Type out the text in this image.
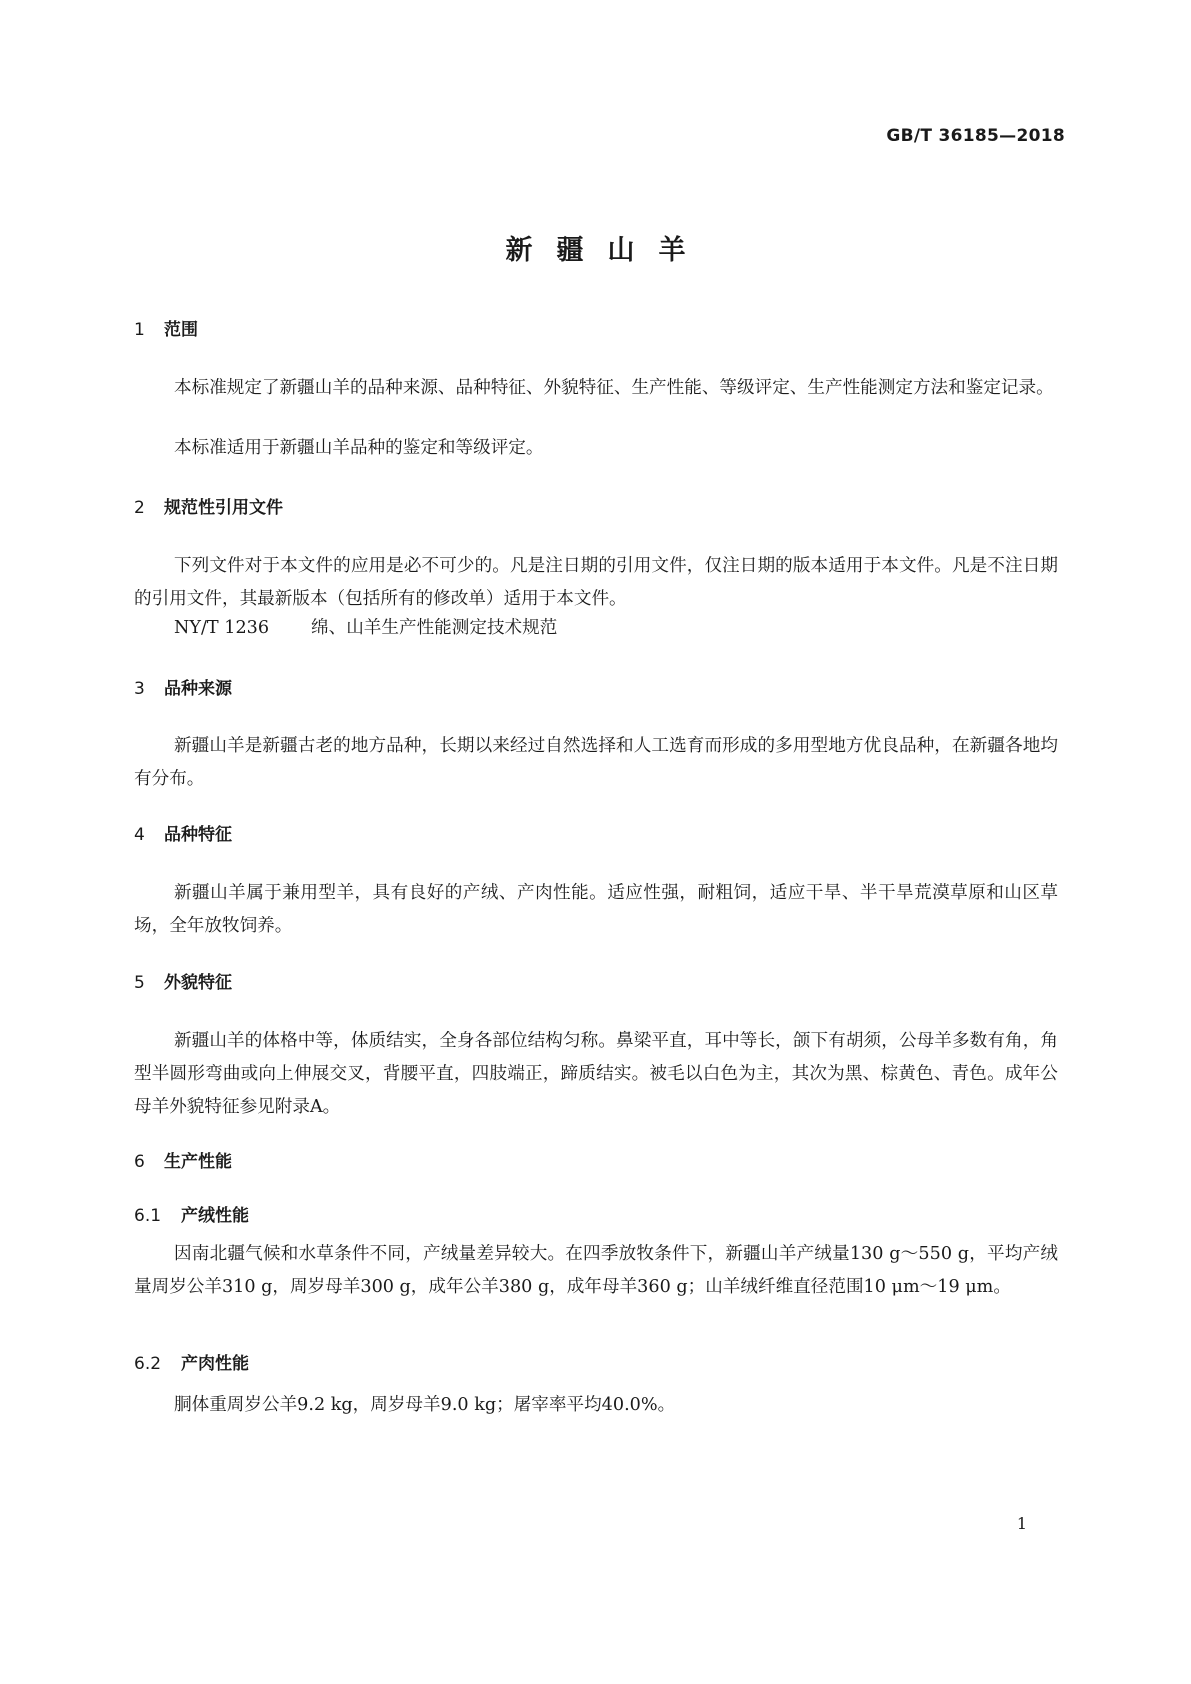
GB/T 36185—2018
新疆山羊
1 范围

本标准规定了新疆山羊的品种来源、品种特征、外貌特征、生产性能、等级评定、生产性能测定方法和鉴定记录。

本标准适用于新疆山羊品种的鉴定和等级评定。

2 规范性引用文件

下列文件对于本文件的应用是必不可少的。凡是注日期的引用文件，仅注日期的版本适用于本文件。凡是不注日期的引用文件，其最新版本（包括所有的修改单）适用于本文件。

NY/T 1236 绵、山羊生产性能测定技术规范
3 品种来源

新疆山羊是新疆古老的地方品种，长期以来经过自然选择和人工选育而形成的多用型地方优良品种，在新疆各地均有分布。

4 品种特征

新疆山羊属于兼用型羊，具有良好的产绒、产肉性能。适应性强，耐粗饲，适应干旱、半干旱荒漠草原和山区草场，全年放牧饲养。

5 外貌特征

新疆山羊的体格中等，体质结实，全身各部位结构匀称。鼻梁平直，耳中等长，颌下有胡须，公母羊多数有角，角型半圆形弯曲或向上伸展交叉，背腰平直，四肢端正，蹄质结实。被毛以白色为主，其次为黑、棕黄色、青色。成年公母羊外貌特征参见附录A。

6 生产性能
6.1 产绒性能

因南北疆气候和水草条件不同，产绒量差异较大。在四季放牧条件下，新疆山羊产绒量130 g～550 g，平均产绒量周岁公羊310 g，周岁母羊300 g，成年公羊380 g，成年母羊360 g；山羊绒纤维直径范围10 μm～19 μm。

6.2 产肉性能

胴体重周岁公羊9.2 kg，周岁母羊9.0 kg；屠宰率平均40.0%。

1
